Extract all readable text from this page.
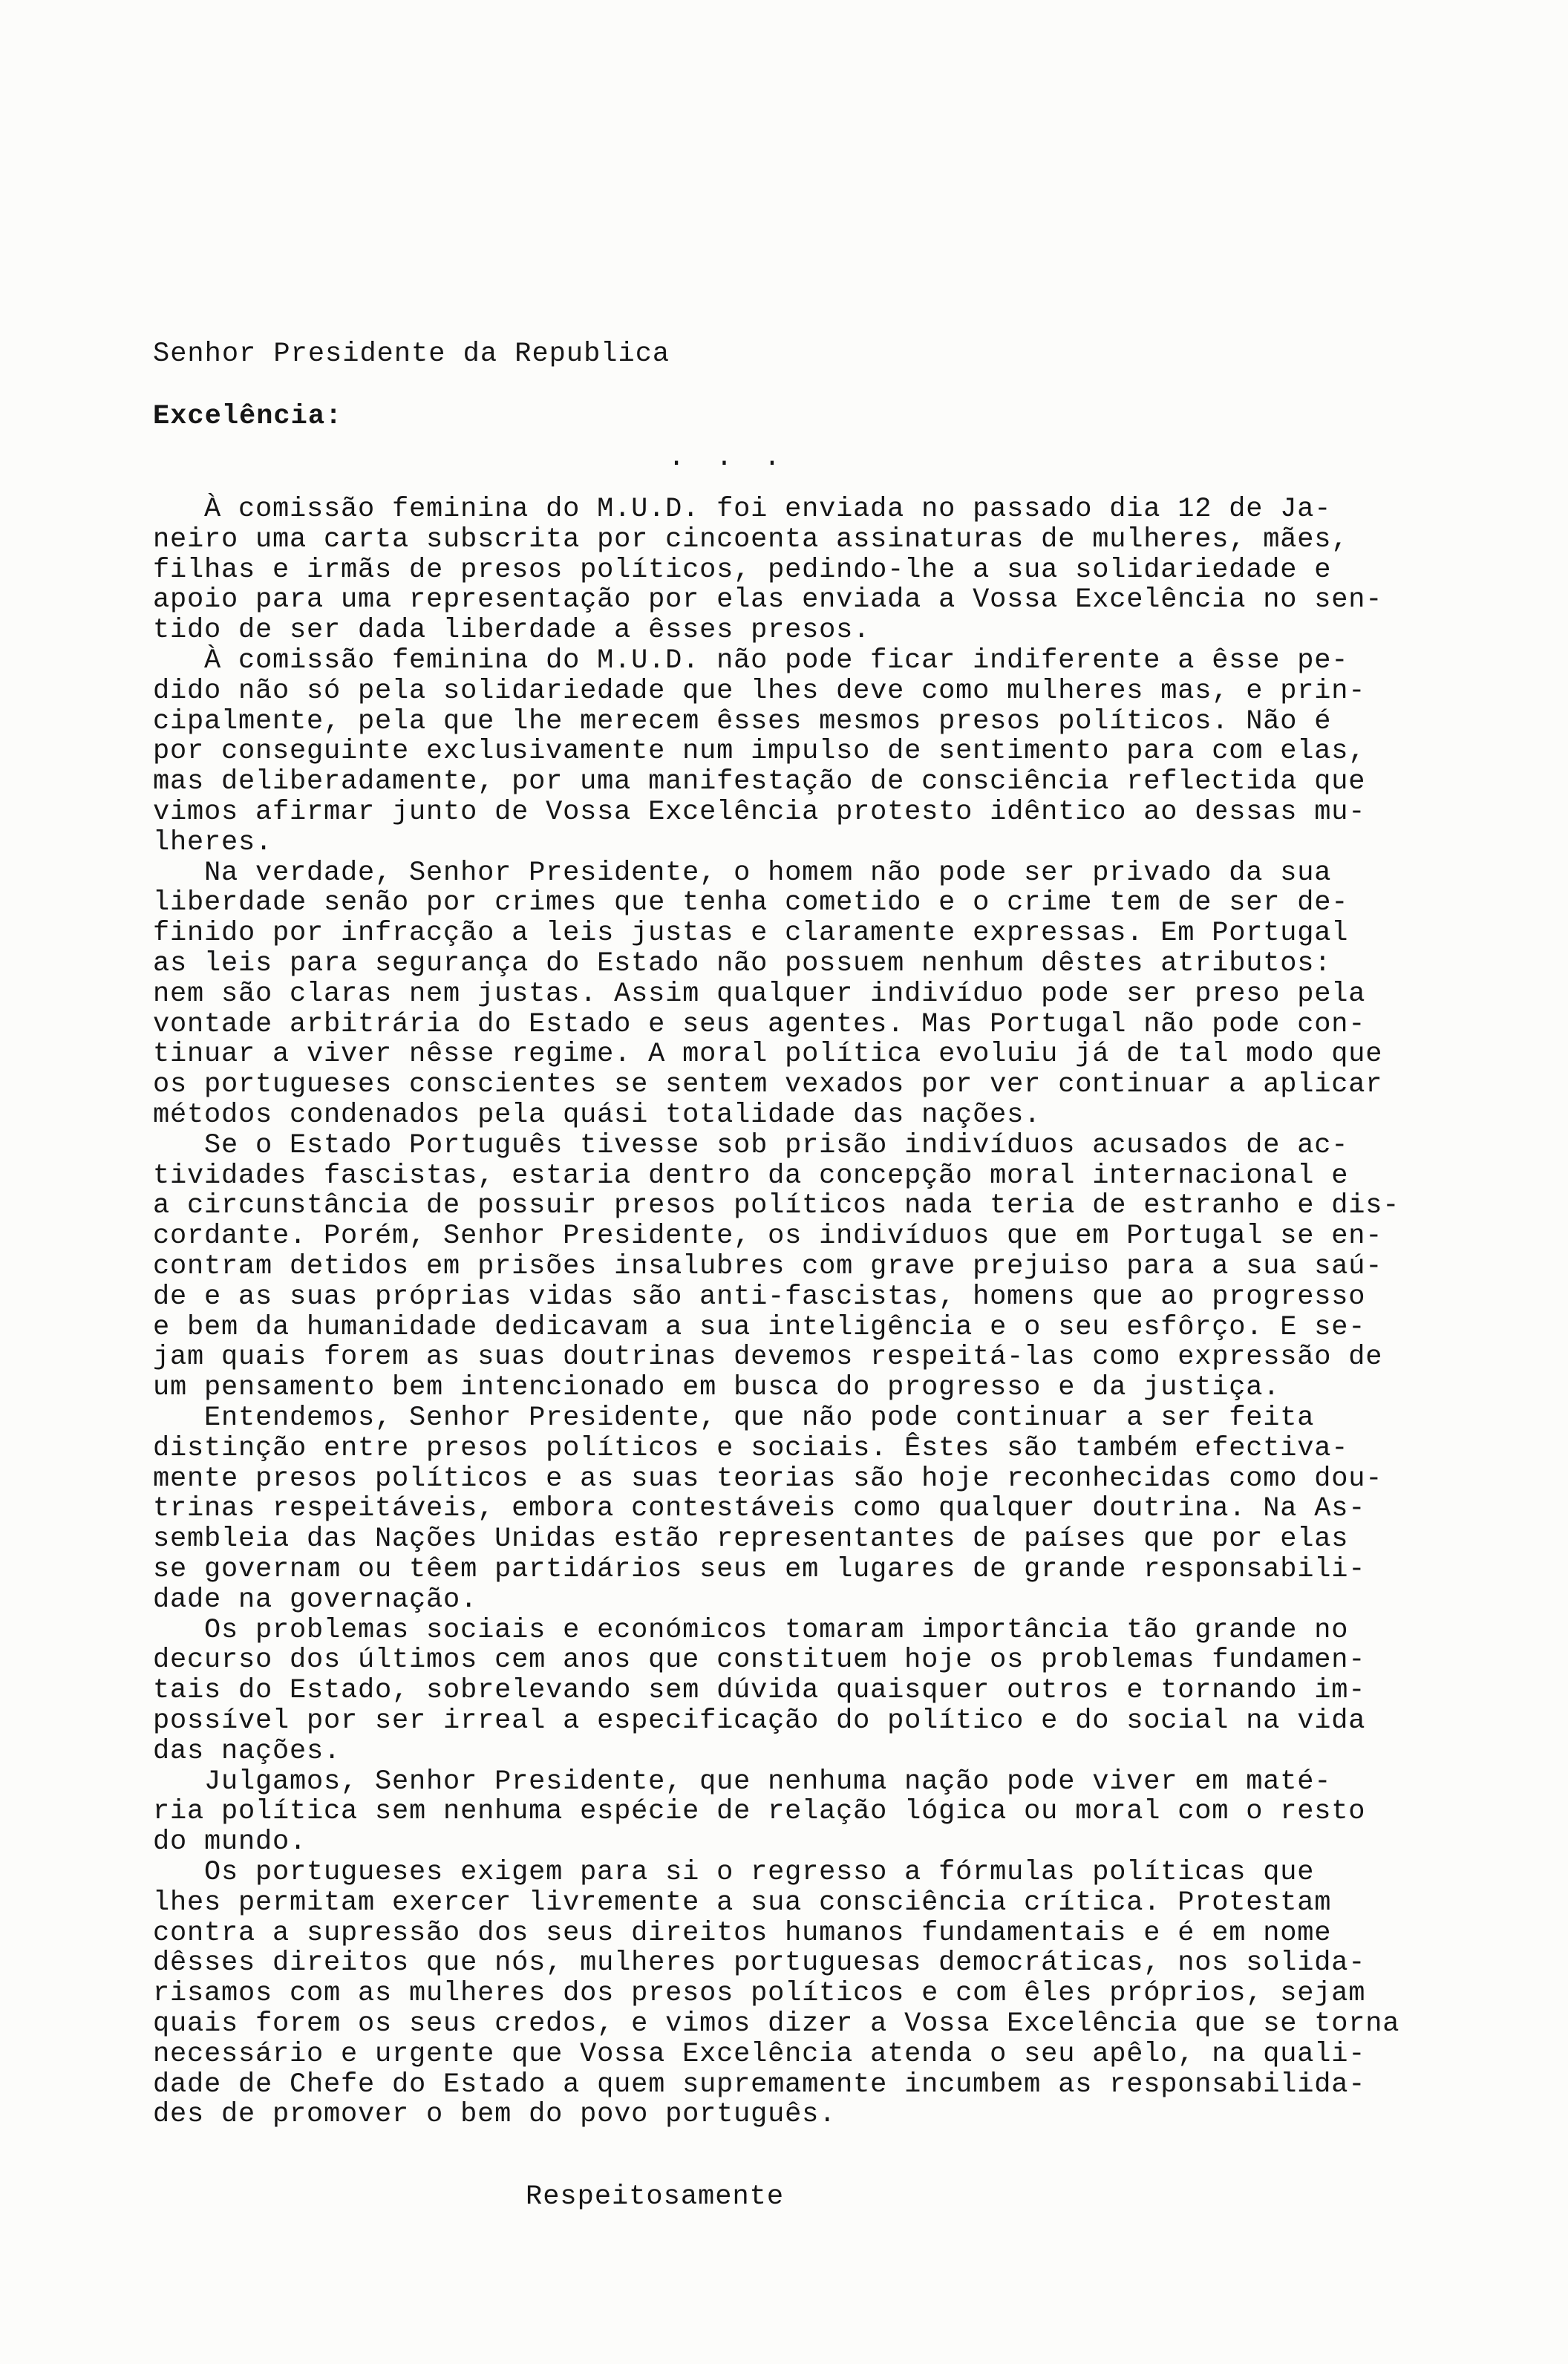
Senhor Presidente da Republica
Excelência:
. . .
À comissão feminina do M.U.D. foi enviada no passado dia 12 de Ja-
neiro uma carta subscrita por cincoenta assinaturas de mulheres, mães,
filhas e irmãs de presos políticos, pedindo-lhe a sua solidariedade e
apoio para uma representação por elas enviada a Vossa Excelência no sen-
tido de ser dada liberdade a êsses presos.
À comissão feminina do M.U.D. não pode ficar indiferente a êsse pe-
dido não só pela solidariedade que lhes deve como mulheres mas, e prin-
cipalmente, pela que lhe merecem êsses mesmos presos políticos. Não é
por conseguinte exclusivamente num impulso de sentimento para com elas,
mas deliberadamente, por uma manifestação de consciência reflectida que
vimos afirmar junto de Vossa Excelência protesto idêntico ao dessas mu-
lheres.
Na verdade, Senhor Presidente, o homem não pode ser privado da sua
liberdade senão por crimes que tenha cometido e o crime tem de ser de-
finido por infracção a leis justas e claramente expressas. Em Portugal
as leis para segurança do Estado não possuem nenhum dêstes atributos:
nem são claras nem justas. Assim qualquer indivíduo pode ser preso pela
vontade arbitrária do Estado e seus agentes. Mas Portugal não pode con-
tinuar a viver nêsse regime. A moral política evoluiu já de tal modo que
os portugueses conscientes se sentem vexados por ver continuar a aplicar
métodos condenados pela quási totalidade das nações.
Se o Estado Português tivesse sob prisão indivíduos acusados de ac-
tividades fascistas, estaria dentro da concepção moral internacional e
a circunstância de possuir presos políticos nada teria de estranho e dis-
cordante. Porém, Senhor Presidente, os indivíduos que em Portugal se en-
contram detidos em prisões insalubres com grave prejuiso para a sua saú-
de e as suas próprias vidas são anti-fascistas, homens que ao progresso
e bem da humanidade dedicavam a sua inteligência e o seu esfôrço. E se-
jam quais forem as suas doutrinas devemos respeitá-las como expressão de
um pensamento bem intencionado em busca do progresso e da justiça.
Entendemos, Senhor Presidente, que não pode continuar a ser feita
distinção entre presos políticos e sociais. Êstes são também efectiva-
mente presos políticos e as suas teorias são hoje reconhecidas como dou-
trinas respeitáveis, embora contestáveis como qualquer doutrina. Na As-
sembleia das Nações Unidas estão representantes de países que por elas
se governam ou têem partidários seus em lugares de grande responsabili-
dade na governação.
Os problemas sociais e económicos tomaram importância tão grande no
decurso dos últimos cem anos que constituem hoje os problemas fundamen-
tais do Estado, sobrelevando sem dúvida quaisquer outros e tornando im-
possível por ser irreal a especificação do político e do social na vida
das nações.
Julgamos, Senhor Presidente, que nenhuma nação pode viver em maté-
ria política sem nenhuma espécie de relação lógica ou moral com o resto
do mundo.
Os portugueses exigem para si o regresso a fórmulas políticas que
lhes permitam exercer livremente a sua consciência crítica. Protestam
contra a supressão dos seus direitos humanos fundamentais e é em nome
dêsses direitos que nós, mulheres portuguesas democráticas, nos solida-
risamos com as mulheres dos presos políticos e com êles próprios, sejam
quais forem os seus credos, e vimos dizer a Vossa Excelência que se torna
necessário e urgente que Vossa Excelência atenda o seu apêlo, na quali-
dade de Chefe do Estado a quem supremamente incumbem as responsabilida-
des de promover o bem do povo português.
Respeitosamente
